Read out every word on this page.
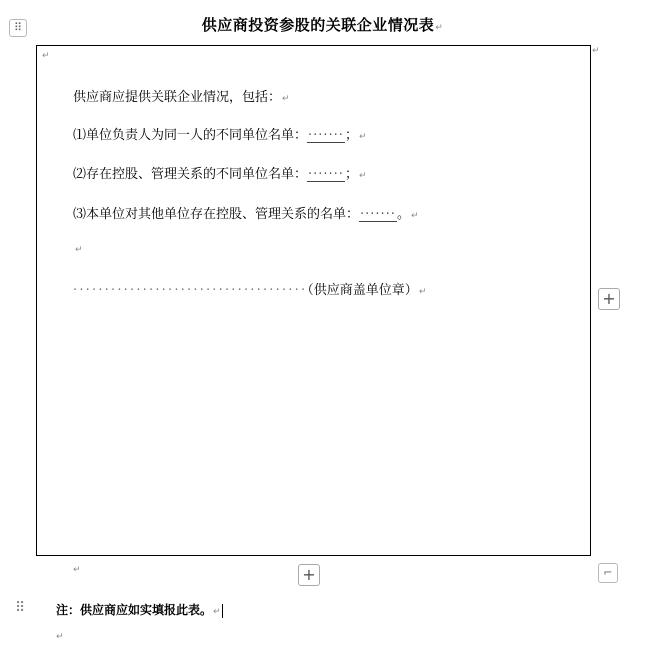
⠿	供应商投资参股的关联企业情况表↵
↵
供应商应提供关联企业情况，包括：↵
⑴单位负责人为同一人的不同单位名单：·······；↵
⑵存在控股、管理关系的不同单位名单：·······；↵
⑶本单位对其他单位存在控股、管理关系的名单：·······。↵
↵
·····································（供应商盖单位章）↵
↵
+
↵	+	⌐
⠿	注：供应商应如实填报此表。↵
↵
